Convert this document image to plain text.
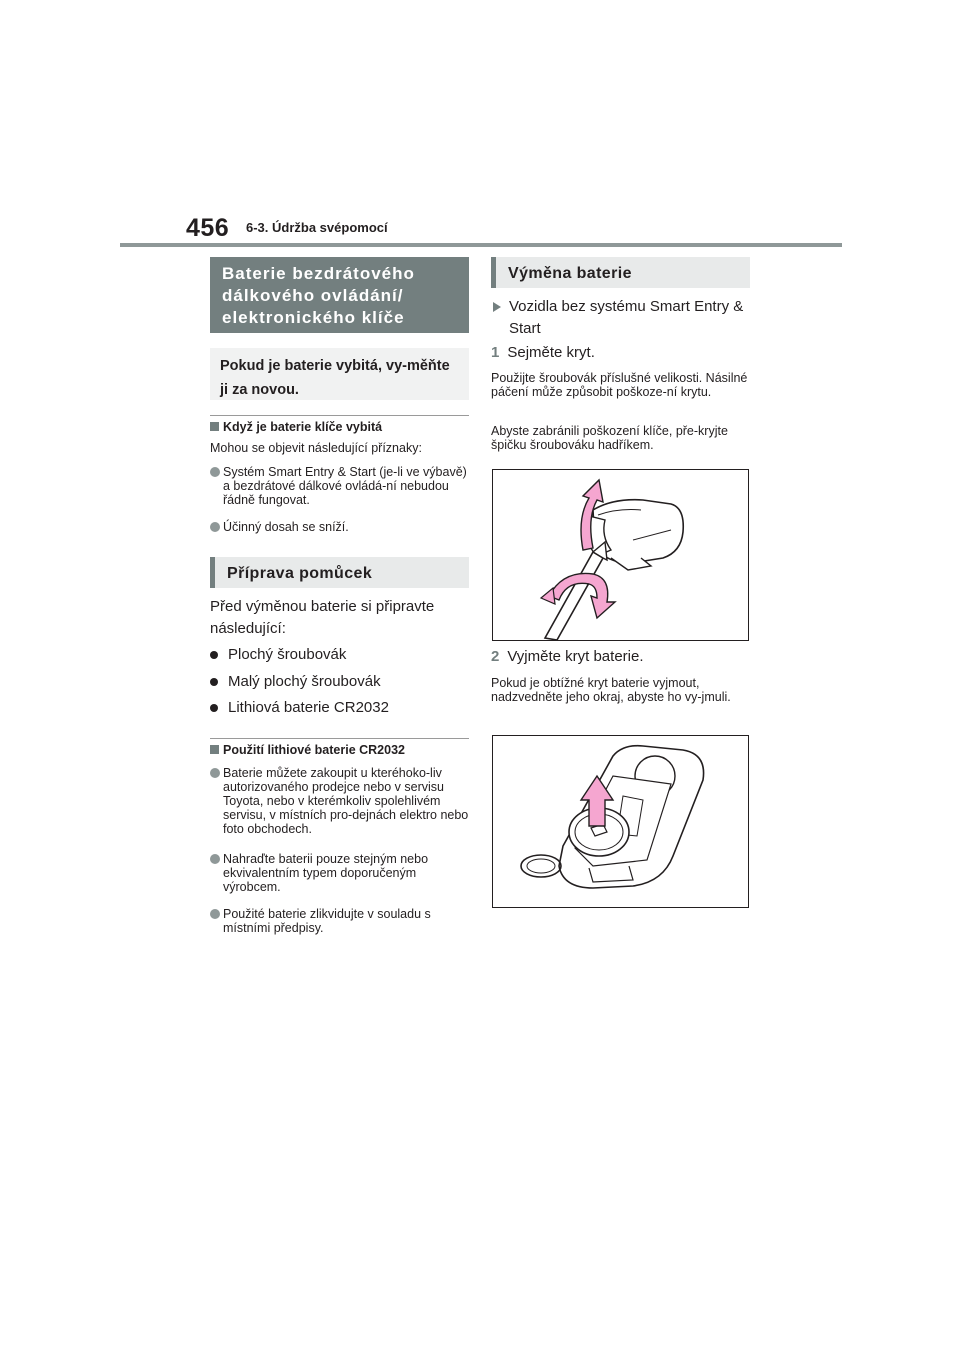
456 6-3. Údržba svépomocí
Baterie bezdrátového dálkového ovládání/ elektronického klíče
Pokud je baterie vybitá, vy-měňte ji za novou.
Když je baterie klíče vybitá
Mohou se objevit následující příznaky:
Systém Smart Entry & Start (je-li ve výbavě) a bezdrátové dálkové ovládá-ní nebudou řádně fungovat.
Účinný dosah se sníží.
Příprava pomůcek
Před výměnou baterie si připravte následující:
Plochý šroubovák
Malý plochý šroubovák
Lithiová baterie CR2032
Použití lithiové baterie CR2032
Baterie můžete zakoupit u kteréhoko-liv autorizovaného prodejce nebo v servisu Toyota, nebo v kterémkoliv spolehlivém servisu, v místních pro-dejnách elektro nebo foto obchodech.
Nahraďte baterii pouze stejným nebo ekvivalentním typem doporučeným výrobcem.
Použité baterie zlikvidujte v souladu s místními předpisy.
Výměna baterie
Vozidla bez systému Smart Entry & Start
1 Sejměte kryt.
Použijte šroubovák příslušné velikosti. Násilné páčení může způsobit poškoze-ní krytu.
Abyste zabránili poškození klíče, pře-kryjte špičku šroubováku hadříkem.
2 Vyjměte kryt baterie.
Pokud je obtížné kryt baterie vyjmout, nadzvedněte jeho okraj, abyste ho vy-jmuli.
